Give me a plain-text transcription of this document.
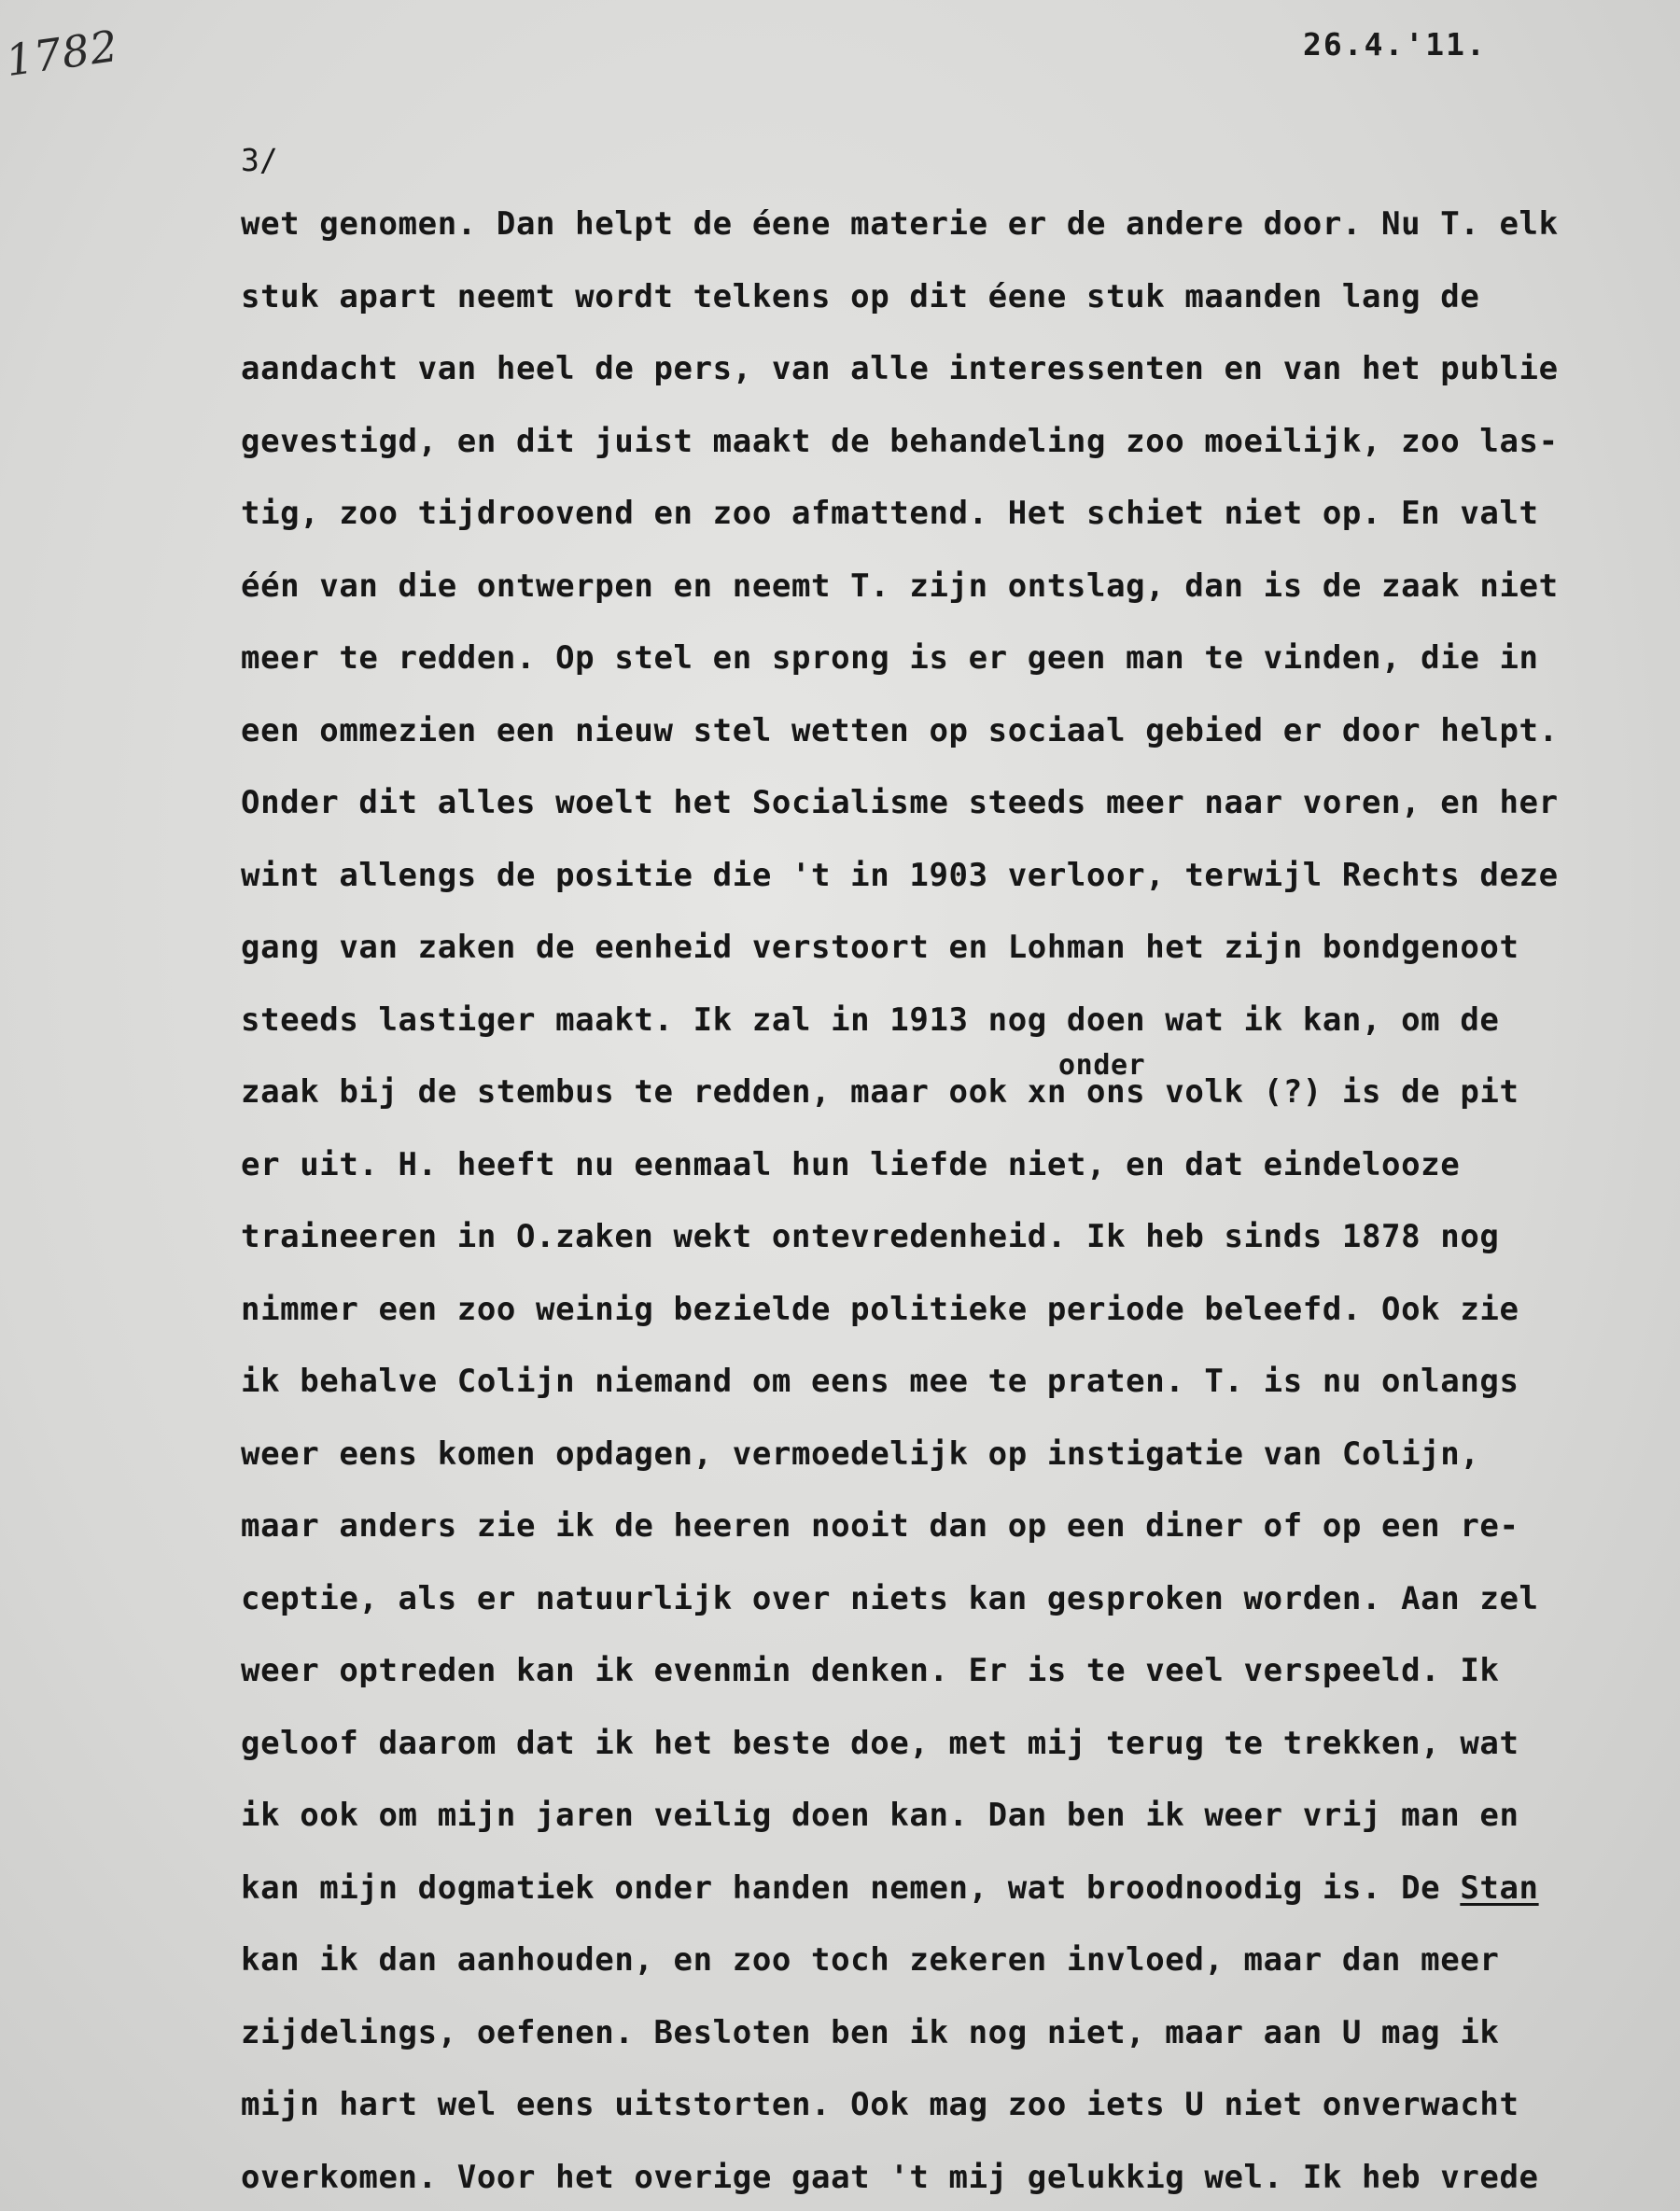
1782	26.4.'11.
3/
wet genomen. Dan helpt de éene materie er de andere door. Nu T. elk
stuk apart neemt wordt telkens op dit éene stuk maanden lang de
aandacht van heel de pers, van alle interessenten en van het publie
gevestigd, en dit juist maakt de behandeling zoo moeilijk, zoo las-
tig, zoo tijdroovend en zoo afmattend. Het schiet niet op. En valt
één van die ontwerpen en neemt T. zijn ontslag, dan is de zaak niet
meer te redden. Op stel en sprong is er geen man te vinden, die in
een ommezien een nieuw stel wetten op sociaal gebied er door helpt.
Onder dit alles woelt het Socialisme steeds meer naar voren, en her
wint allengs de positie die 't in 1903 verloor, terwijl Rechts deze
gang van zaken de eenheid verstoort en Lohman het zijn bondgenoot
steeds lastiger maakt. Ik zal in 1913 nog doen wat ik kan, om de
onder
zaak bij de stembus te redden, maar ook xn ons volk (?) is de pit
er uit. H. heeft nu eenmaal hun liefde niet, en dat eindelooze
traineeren in O.zaken wekt ontevredenheid. Ik heb sinds 1878 nog
nimmer een zoo weinig bezielde politieke periode beleefd. Ook zie
ik behalve Colijn niemand om eens mee te praten. T. is nu onlangs
weer eens komen opdagen, vermoedelijk op instigatie van Colijn,
maar anders zie ik de heeren nooit dan op een diner of op een re-
ceptie, als er natuurlijk over niets kan gesproken worden. Aan zel
weer optreden kan ik evenmin denken. Er is te veel verspeeld. Ik
geloof daarom dat ik het beste doe, met mij terug te trekken, wat
ik ook om mijn jaren veilig doen kan. Dan ben ik weer vrij man en
kan mijn dogmatiek onder handen nemen, wat broodnoodig is. De Stan
kan ik dan aanhouden, en zoo toch zekeren invloed, maar dan meer
zijdelings, oefenen. Besloten ben ik nog niet, maar aan U mag ik
mijn hart wel eens uitstorten. Ook mag zoo iets U niet onverwacht
overkomen. Voor het overige gaat 't mij gelukkig wel. Ik heb vrede
